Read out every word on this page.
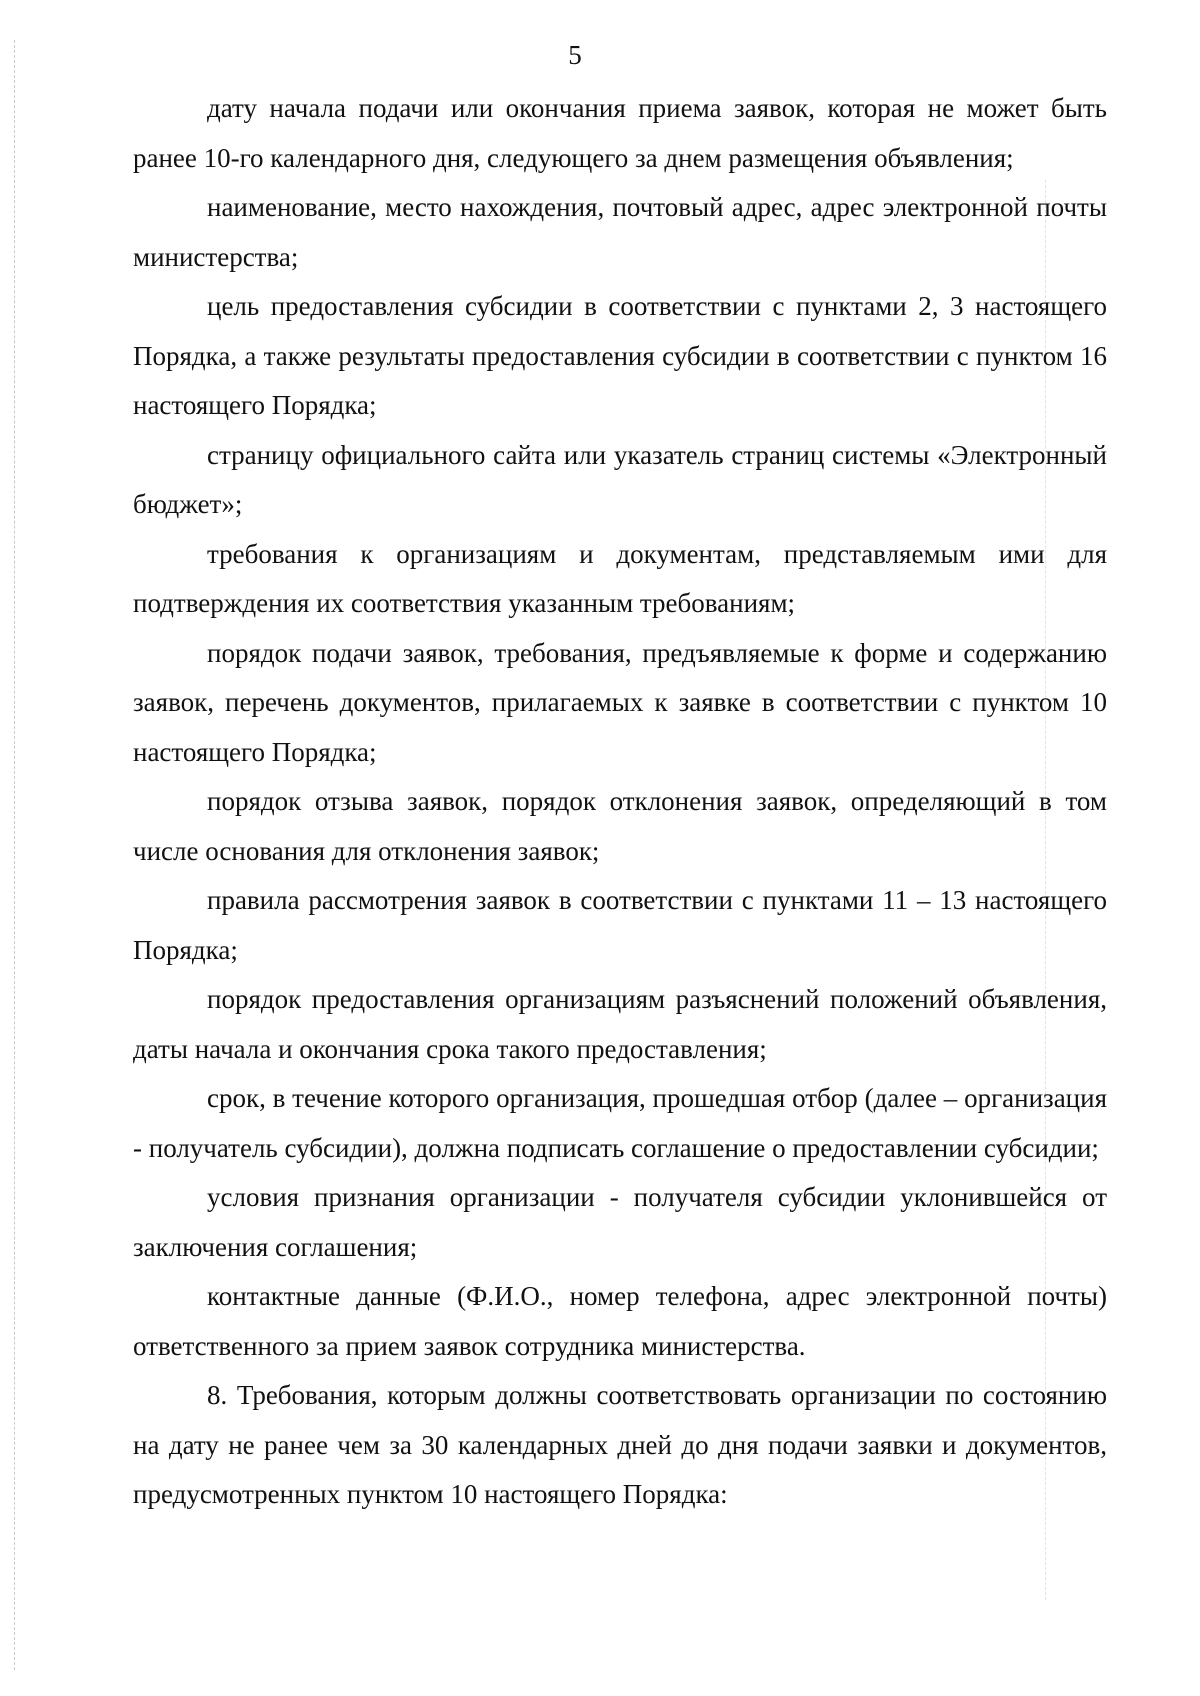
5

дату начала подачи или окончания приема заявок, которая не может быть ранее 10-го календарного дня, следующего за днем размещения объявления;

наименование, место нахождения, почтовый адрес, адрес электронной почты министерства;

цель предоставления субсидии в соответствии с пунктами 2, 3 настоящего Порядка, а также результаты предоставления субсидии в соответствии с пунктом 16 настоящего Порядка;

страницу официального сайта или указатель страниц системы «Электронный бюджет»;

требования к организациям и документам, представляемым ими для подтверждения их соответствия указанным требованиям;

порядок подачи заявок, требования, предъявляемые к форме и содержанию заявок, перечень документов, прилагаемых к заявке в соответствии с пунктом 10 настоящего Порядка;

порядок отзыва заявок, порядок отклонения заявок, определяющий в том числе основания для отклонения заявок;

правила рассмотрения заявок в соответствии с пунктами 11 – 13 настоящего Порядка;

порядок предоставления организациям разъяснений положений объявления, даты начала и окончания срока такого предоставления;

срок, в течение которого организация, прошедшая отбор (далее – организация - получатель субсидии), должна подписать соглашение о предоставлении субсидии;

условия признания организации - получателя субсидии уклонившейся от заключения соглашения;

контактные данные (Ф.И.О., номер телефона, адрес электронной почты) ответственного за прием заявок сотрудника министерства.

8. Требования, которым должны соответствовать организации по состоянию на дату не ранее чем за 30 календарных дней до дня подачи заявки и документов, предусмотренных пунктом 10 настоящего Порядка:
